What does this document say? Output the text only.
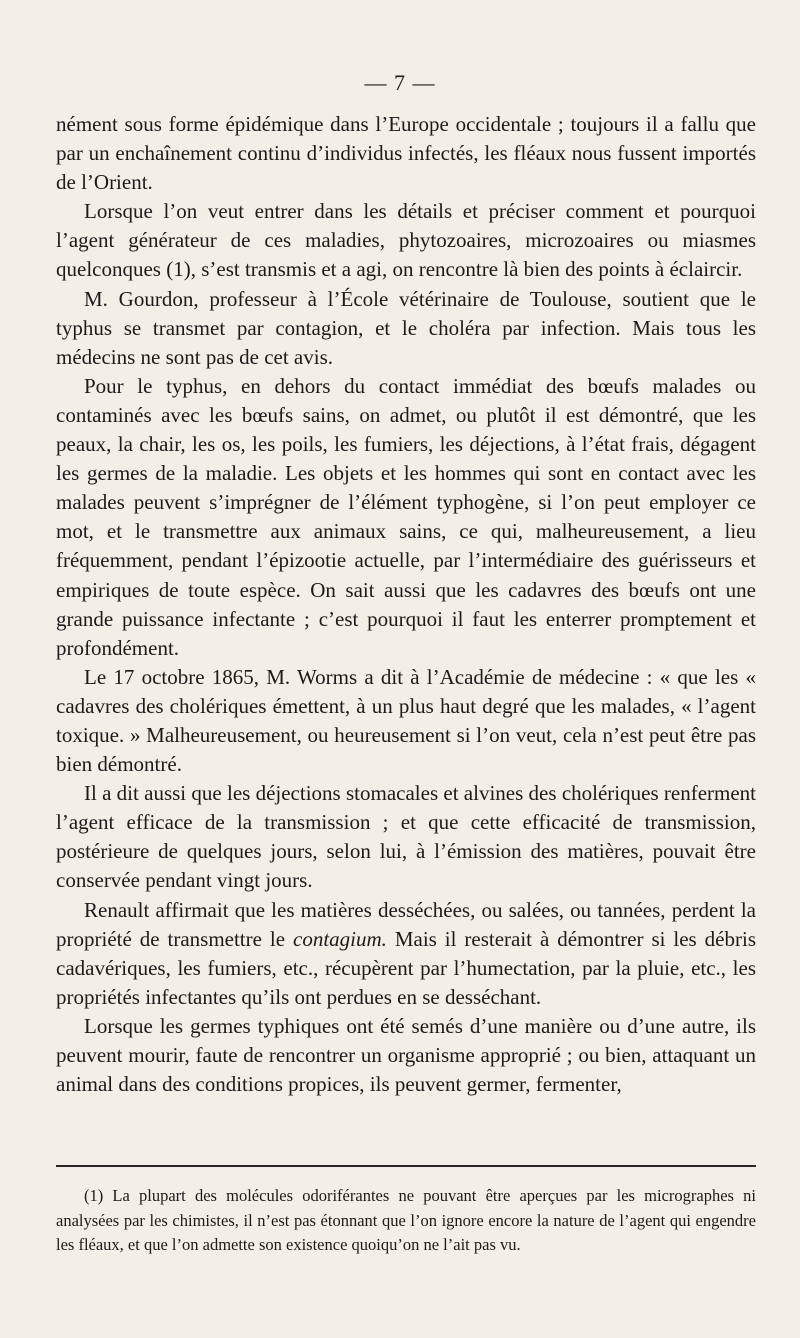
— 7 —

nément sous forme épidémique dans l’Europe occidentale ; toujours il a fallu que par un enchaînement continu d’individus infectés, les fléaux nous fussent importés de l’Orient.

Lorsque l’on veut entrer dans les détails et préciser comment et pourquoi l’agent générateur de ces maladies, phytozoaires, microzoaires ou miasmes quelconques (1), s’est transmis et a agi, on rencontre là bien des points à éclaircir.

M. Gourdon, professeur à l’École vétérinaire de Toulouse, soutient que le typhus se transmet par contagion, et le choléra par infection. Mais tous les médecins ne sont pas de cet avis.

Pour le typhus, en dehors du contact immédiat des bœufs malades ou contaminés avec les bœufs sains, on admet, ou plutôt il est démontré, que les peaux, la chair, les os, les poils, les fumiers, les déjections, à l’état frais, dégagent les germes de la maladie. Les objets et les hommes qui sont en contact avec les malades peuvent s’imprégner de l’élément typhogène, si l’on peut employer ce mot, et le transmettre aux animaux sains, ce qui, malheureusement, a lieu fréquemment, pendant l’épizootie actuelle, par l’intermédiaire des guérisseurs et empiriques de toute espèce. On sait aussi que les cadavres des bœufs ont une grande puissance infectante ; c’est pourquoi il faut les enterrer promptement et profondément.

Le 17 octobre 1865, M. Worms a dit à l’Académie de médecine : « que les « cadavres des cholériques émettent, à un plus haut degré que les malades, « l’agent toxique. » Malheureusement, ou heureusement si l’on veut, cela n’est peut être pas bien démontré.

Il a dit aussi que les déjections stomacales et alvines des cholériques renferment l’agent efficace de la transmission ; et que cette efficacité de transmission, postérieure de quelques jours, selon lui, à l’émission des matières, pouvait être conservée pendant vingt jours.

Renault affirmait que les matières desséchées, ou salées, ou tannées, perdent la propriété de transmettre le contagium. Mais il resterait à démontrer si les débris cadavériques, les fumiers, etc., récupèrent par l’humectation, par la pluie, etc., les propriétés infectantes qu’ils ont perdues en se desséchant.

Lorsque les germes typhiques ont été semés d’une manière ou d’une autre, ils peuvent mourir, faute de rencontrer un organisme approprié ; ou bien, attaquant un animal dans des conditions propices, ils peuvent germer, fermenter,

(1) La plupart des molécules odoriférantes ne pouvant être aperçues par les micrographes ni analysées par les chimistes, il n’est pas étonnant que l’on ignore encore la nature de l’agent qui engendre les fléaux, et que l’on admette son existence quoiqu’on ne l’ait pas vu.
